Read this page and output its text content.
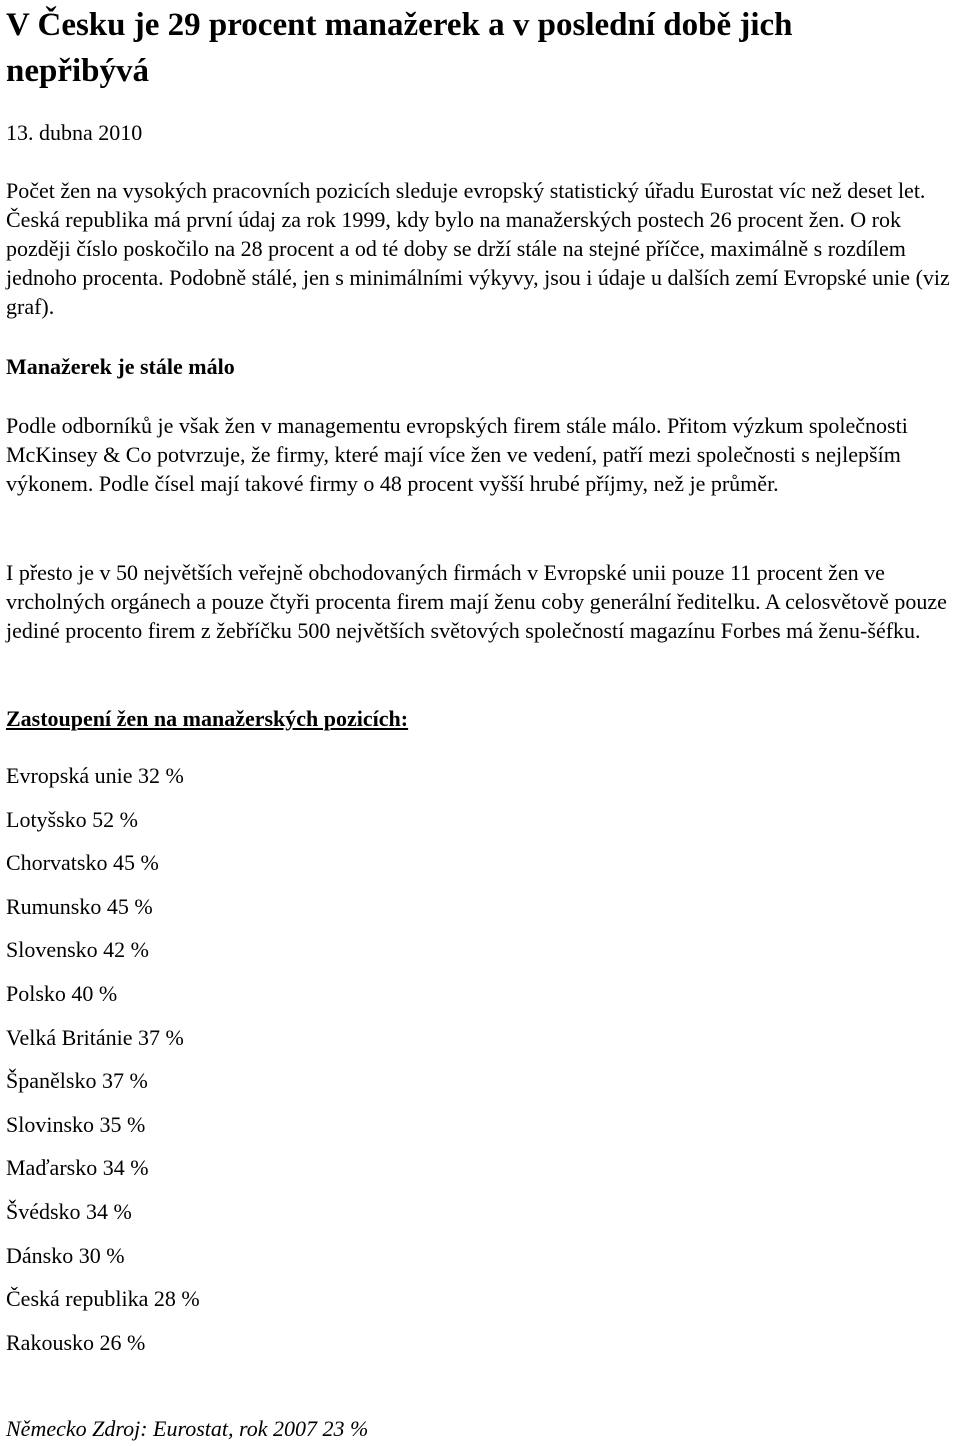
V Česku je 29 procent manažerek a v poslední době jich nepřibývá
13. dubna 2010

Počet žen na vysokých pracovních pozicích sleduje evropský statistický úřadu Eurostat víc než deset let. Česká republika má první údaj za rok 1999, kdy bylo na manažerských postech 26 procent žen. O rok později číslo poskočilo na 28 procent a od té doby se drží stále na stejné příčce, maximálně s rozdílem jednoho procenta. Podobně stálé, jen s minimálními výkyvy, jsou i údaje u dalších zemí Evropské unie (viz graf).

Manažerek je stále málo

Podle odborníků je však žen v managementu evropských firem stále málo. Přitom výzkum společnosti McKinsey & Co potvrzuje, že firmy, které mají více žen ve vedení, patří mezi společnosti s nejlepším výkonem. Podle čísel mají takové firmy o 48 procent vyšší hrubé příjmy, než je průměr.

I přesto je v 50 největších veřejně obchodovaných firmách v Evropské unii pouze 11 procent žen ve vrcholných orgánech a pouze čtyři procenta firem mají ženu coby generální ředitelku. A celosvětově pouze jediné procento firem z žebříčku 500 největších světových společností magazínu Forbes má ženu-šéfku.

Zastoupení žen na manažerských pozicích:
Evropská unie 32 %
Lotyšsko 52 %
Chorvatsko 45 %
Rumunsko 45 %
Slovensko 42 %
Polsko 40 %
Velká Británie 37 %
Španělsko 37 %
Slovinsko 35 %
Maďarsko 34 %
Švédsko 34 %
Dánsko 30 %
Česká republika 28 %
Rakousko 26 %
Německo Zdroj: Eurostat, rok 2007 23 %
